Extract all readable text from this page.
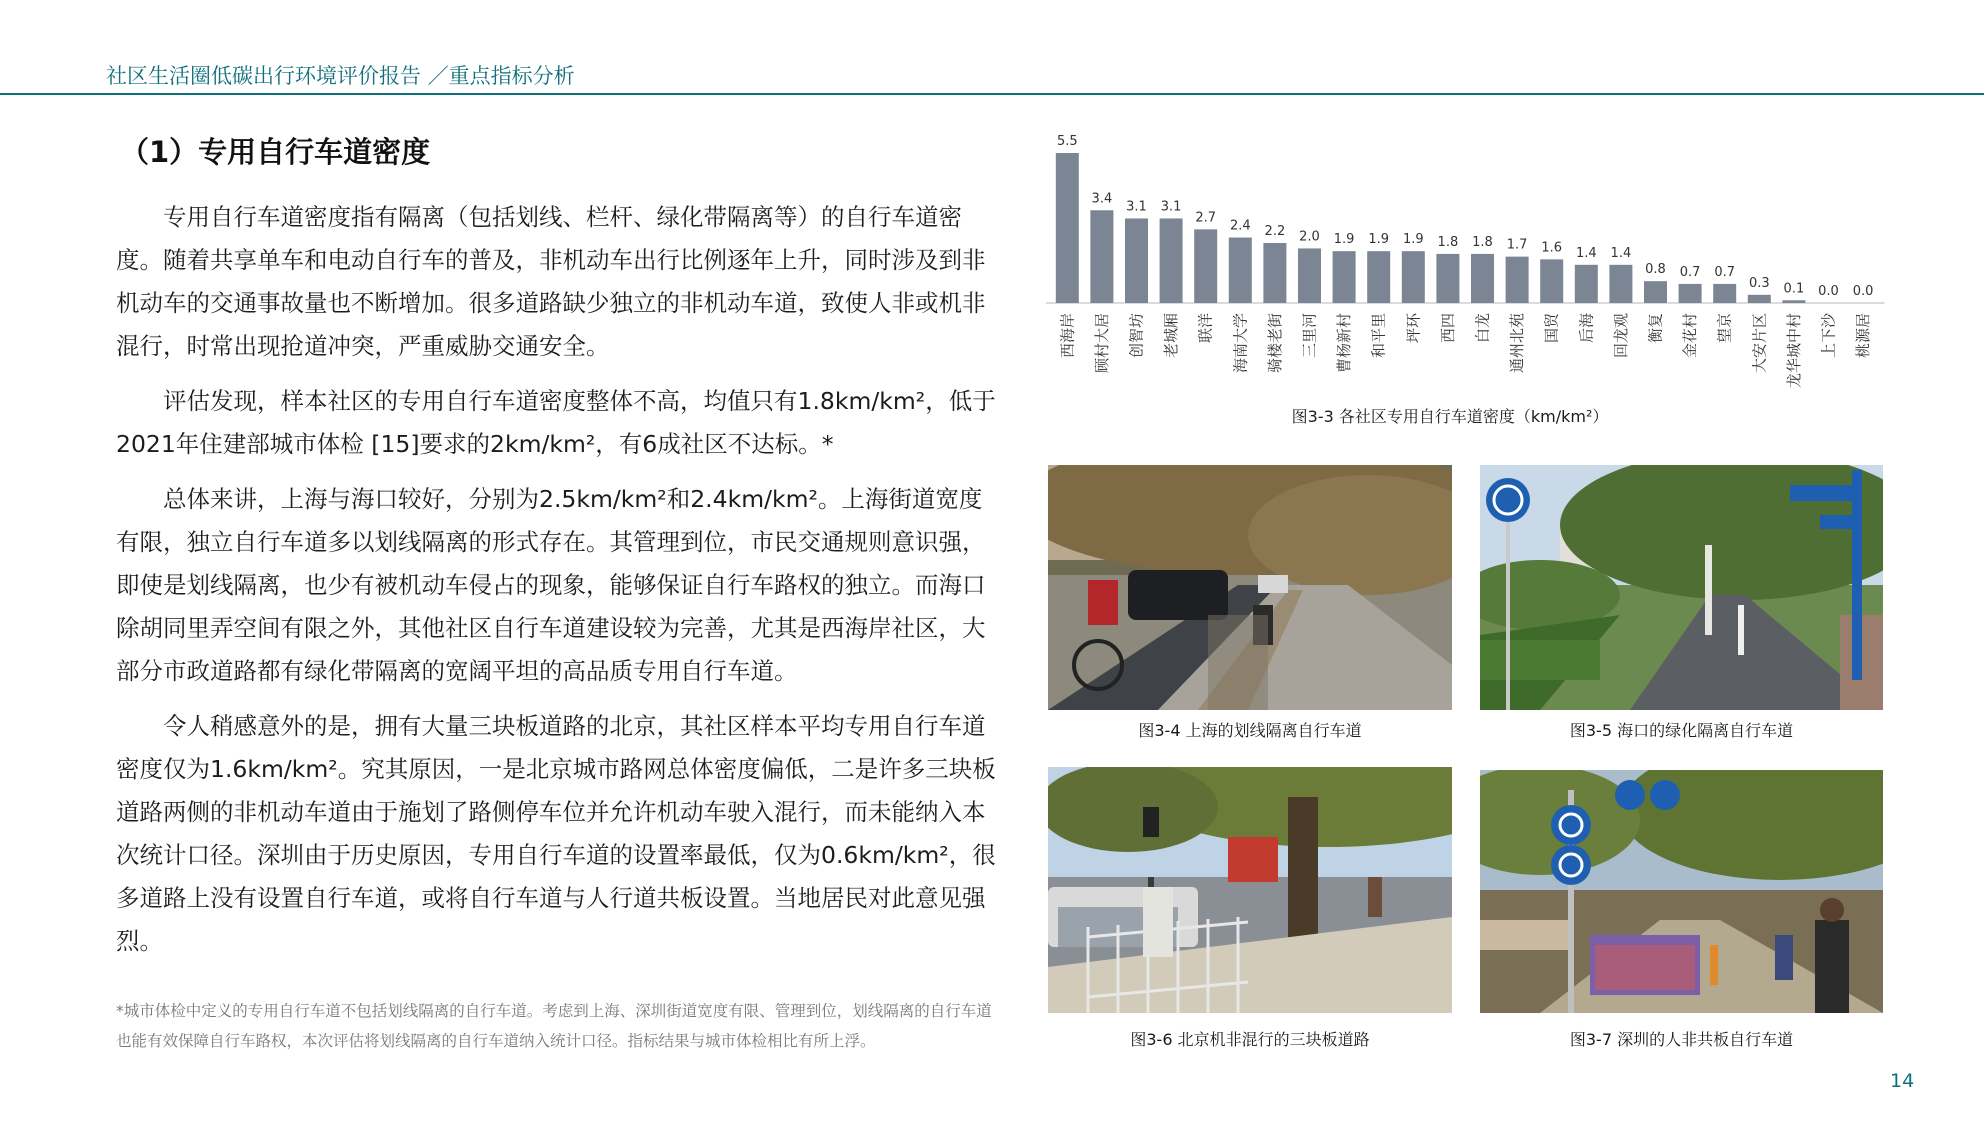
社区生活圈低碳出行环境评价报告 ／重点指标分析
（1）专用自行车道密度

专用自行车道密度指有隔离（包括划线、栏杆、绿化带隔离等）的自行车道密度。随着共享单车和电动自行车的普及，非机动车出行比例逐年上升，同时涉及到非机动车的交通事故量也不断增加。很多道路缺少独立的非机动车道，致使人非或机非混行，时常出现抢道冲突，严重威胁交通安全。

评估发现，样本社区的专用自行车道密度整体不高，均值只有1.8km/km²，低于2021年住建部城市体检 [15]要求的2km/km²，有6成社区不达标。*

总体来讲，上海与海口较好，分别为2.5km/km²和2.4km/km²。上海街道宽度有限，独立自行车道多以划线隔离的形式存在。其管理到位，市民交通规则意识强，即使是划线隔离，也少有被机动车侵占的现象，能够保证自行车路权的独立。而海口除胡同里弄空间有限之外，其他社区自行车道建设较为完善，尤其是西海岸社区，大部分市政道路都有绿化带隔离的宽阔平坦的高品质专用自行车道。

令人稍感意外的是，拥有大量三块板道路的北京，其社区样本平均专用自行车道密度仅为1.6km/km²。究其原因，一是北京城市路网总体密度偏低，二是许多三块板道路两侧的非机动车道由于施划了路侧停车位并允许机动车驶入混行，而未能纳入本次统计口径。深圳由于历史原因，专用自行车道的设置率最低，仅为0.6km/km²，很多道路上没有设置自行车道，或将自行车道与人行道共板设置。当地居民对此意见强烈。

*城市体检中定义的专用自行车道不包括划线隔离的自行车道。考虑到上海、深圳街道宽度有限、管理到位，划线隔离的自行车道也能有效保障自行车路权，本次评估将划线隔离的自行车道纳入统计口径。指标结果与城市体检相比有所上浮。
5.5
西海岸
3.4
顾村大居
3.1
创智坊
3.1
老城厢
2.7
联洋
2.4
海南大学
2.2
骑楼老街
2.0
三里河
1.9
曹杨新村
1.9
和平里
1.9
坪环
1.8
西四
1.8
白龙
1.7
通州北苑
1.6
国贸
1.4
后海
1.4
回龙观
0.8
衡复
0.7
金花村
0.7
望京
0.3
大安片区
0.1
龙华城中村
0.0
上下沙
0.0
桃源居
图3-3 各社区专用自行车道密度（km/km²）
图3-4 上海的划线隔离自行车道	图3-5 海口的绿化隔离自行车道
图3-6 北京机非混行的三块板道路	图3-7 深圳的人非共板自行车道
14
